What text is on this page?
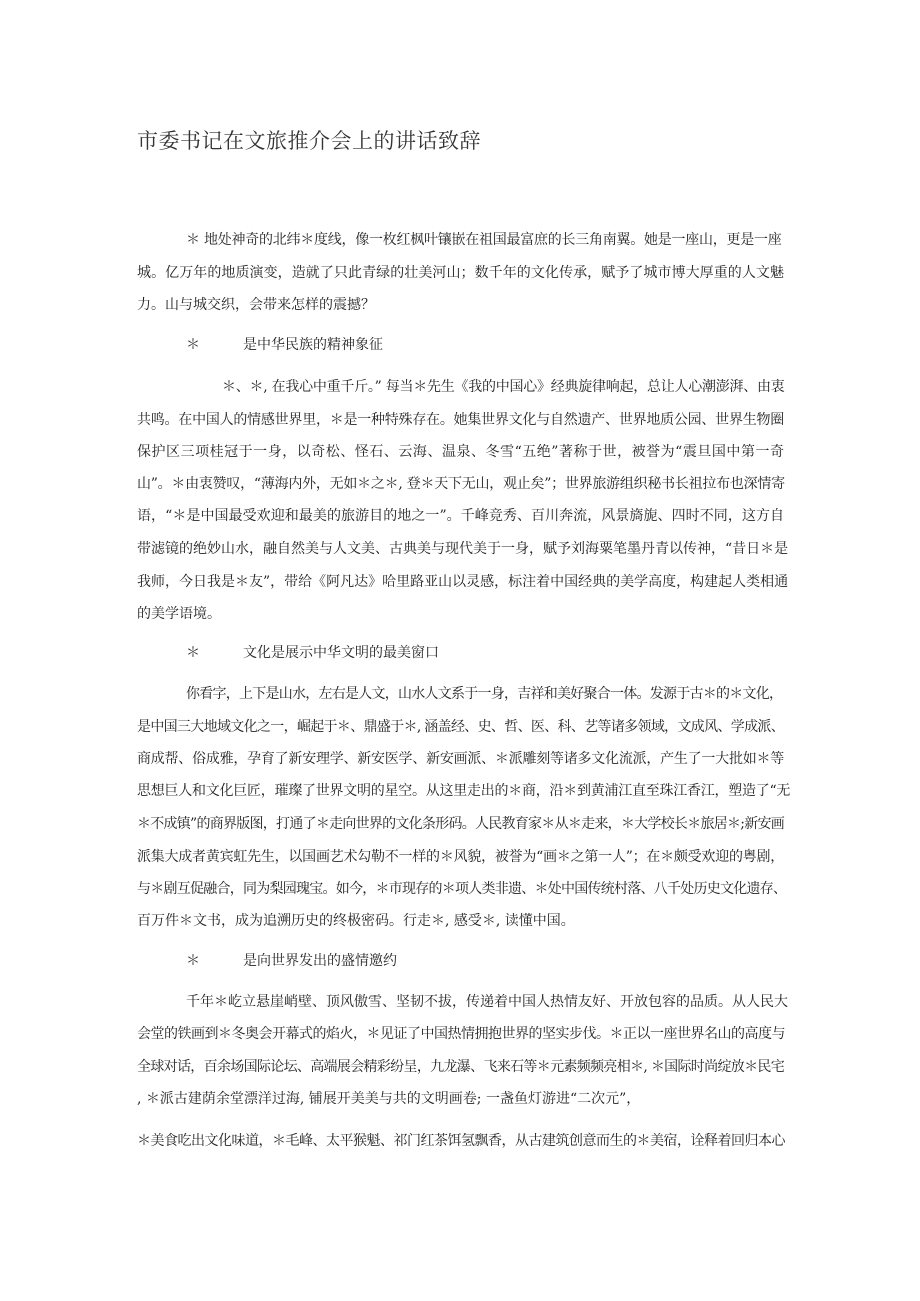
市委书记在文旅推介会上的讲话致辞
＊ 地处神奇的北纬＊度线，像一枚红枫叶镶嵌在祖国最富庶的长三角南翼。她是一座山，更是一座
城。亿万年的地质演变，造就了只此青绿的壮美河山；数千年的文化传承，赋予了城市博大厚重的人文魅
力。山与城交织，会带来怎样的震撼？
＊	是中华民族的精神象征
＊、＊, 在我心中重千斤。” 每当＊先生《我的中国心》经典旋律响起，总让人心潮澎湃、由衷
共鸣。在中国人的情感世界里，＊是一种特殊存在。她集世界文化与自然遗产、世界地质公园、世界生物圈
保护区三项桂冠于一身，以奇松、怪石、云海、温泉、冬雪“五绝”著称于世，被誉为“震旦国中第一奇
山”。＊由衷赞叹，“薄海内外，无如＊之＊, 登＊天下无山，观止矣”；世界旅游组织秘书长祖拉布也深情寄
语，“＊是中国最受欢迎和最美的旅游目的地之一”。千峰竞秀、百川奔流，风景旖旎、四时不同，这方自
带滤镜的绝妙山水，融自然美与人文美、古典美与现代美于一身，赋予刘海粟笔墨丹青以传神，“昔日＊是
我师，今日我是＊友”，带给《阿凡达》哈里路亚山以灵感，标注着中国经典的美学高度，构建起人类相通
的美学语境。
＊	文化是展示中华文明的最美窗口
你看字，上下是山水，左右是人文，山水人文系于一身，吉祥和美好聚合一体。发源于古＊的＊文化，
是中国三大地域文化之一，崛起于＊、鼎盛于＊, 涵盖经、史、哲、医、科、艺等诸多领域，文成风、学成派、
商成帮、俗成雅，孕育了新安理学、新安医学、新安画派、＊派雕刻等诸多文化流派，产生了一大批如＊等
思想巨人和文化巨匠，璀璨了世界文明的星空。从这里走出的＊商，沿＊到黄浦江直至珠江香江，塑造了“无
＊不成镇”的商界版图，打通了＊走向世界的文化条形码。人民教育家＊从＊走来，＊大学校长＊旅居＊;新安画
派集大成者黄宾虹先生，以国画艺术勾勒不一样的＊风貌，被誉为“画＊之第一人”；在＊颇受欢迎的粤剧，
与＊剧互促融合，同为梨园瑰宝。如今，＊市现存的＊项人类非遗、＊处中国传统村落、八千处历史文化遗存、
百万件＊文书，成为追溯历史的终极密码。行走＊, 感受＊, 读懂中国。
＊	是向世界发出的盛情邀约
千年＊屹立悬崖峭壁、顶风傲雪、坚韧不拔，传递着中国人热情友好、开放包容的品质。从人民大
会堂的铁画到＊冬奥会开幕式的焰火，＊见证了中国热情拥抱世界的坚实步伐。＊正以一座世界名山的高度与
全球对话，百余场国际论坛、高端展会精彩纷呈，九龙瀑、飞来石等＊元素频频亮相＊, ＊国际时尚绽放＊民宅
, ＊派古建荫余堂漂洋过海, 铺展开美美与共的文明画卷; 一盏鱼灯游进“二次元”，
＊美食吃出文化味道，＊毛峰、太平猴魁、祁门红茶饵氢飘香，从古建筑创意而生的＊美宿，诠释着回归本心
